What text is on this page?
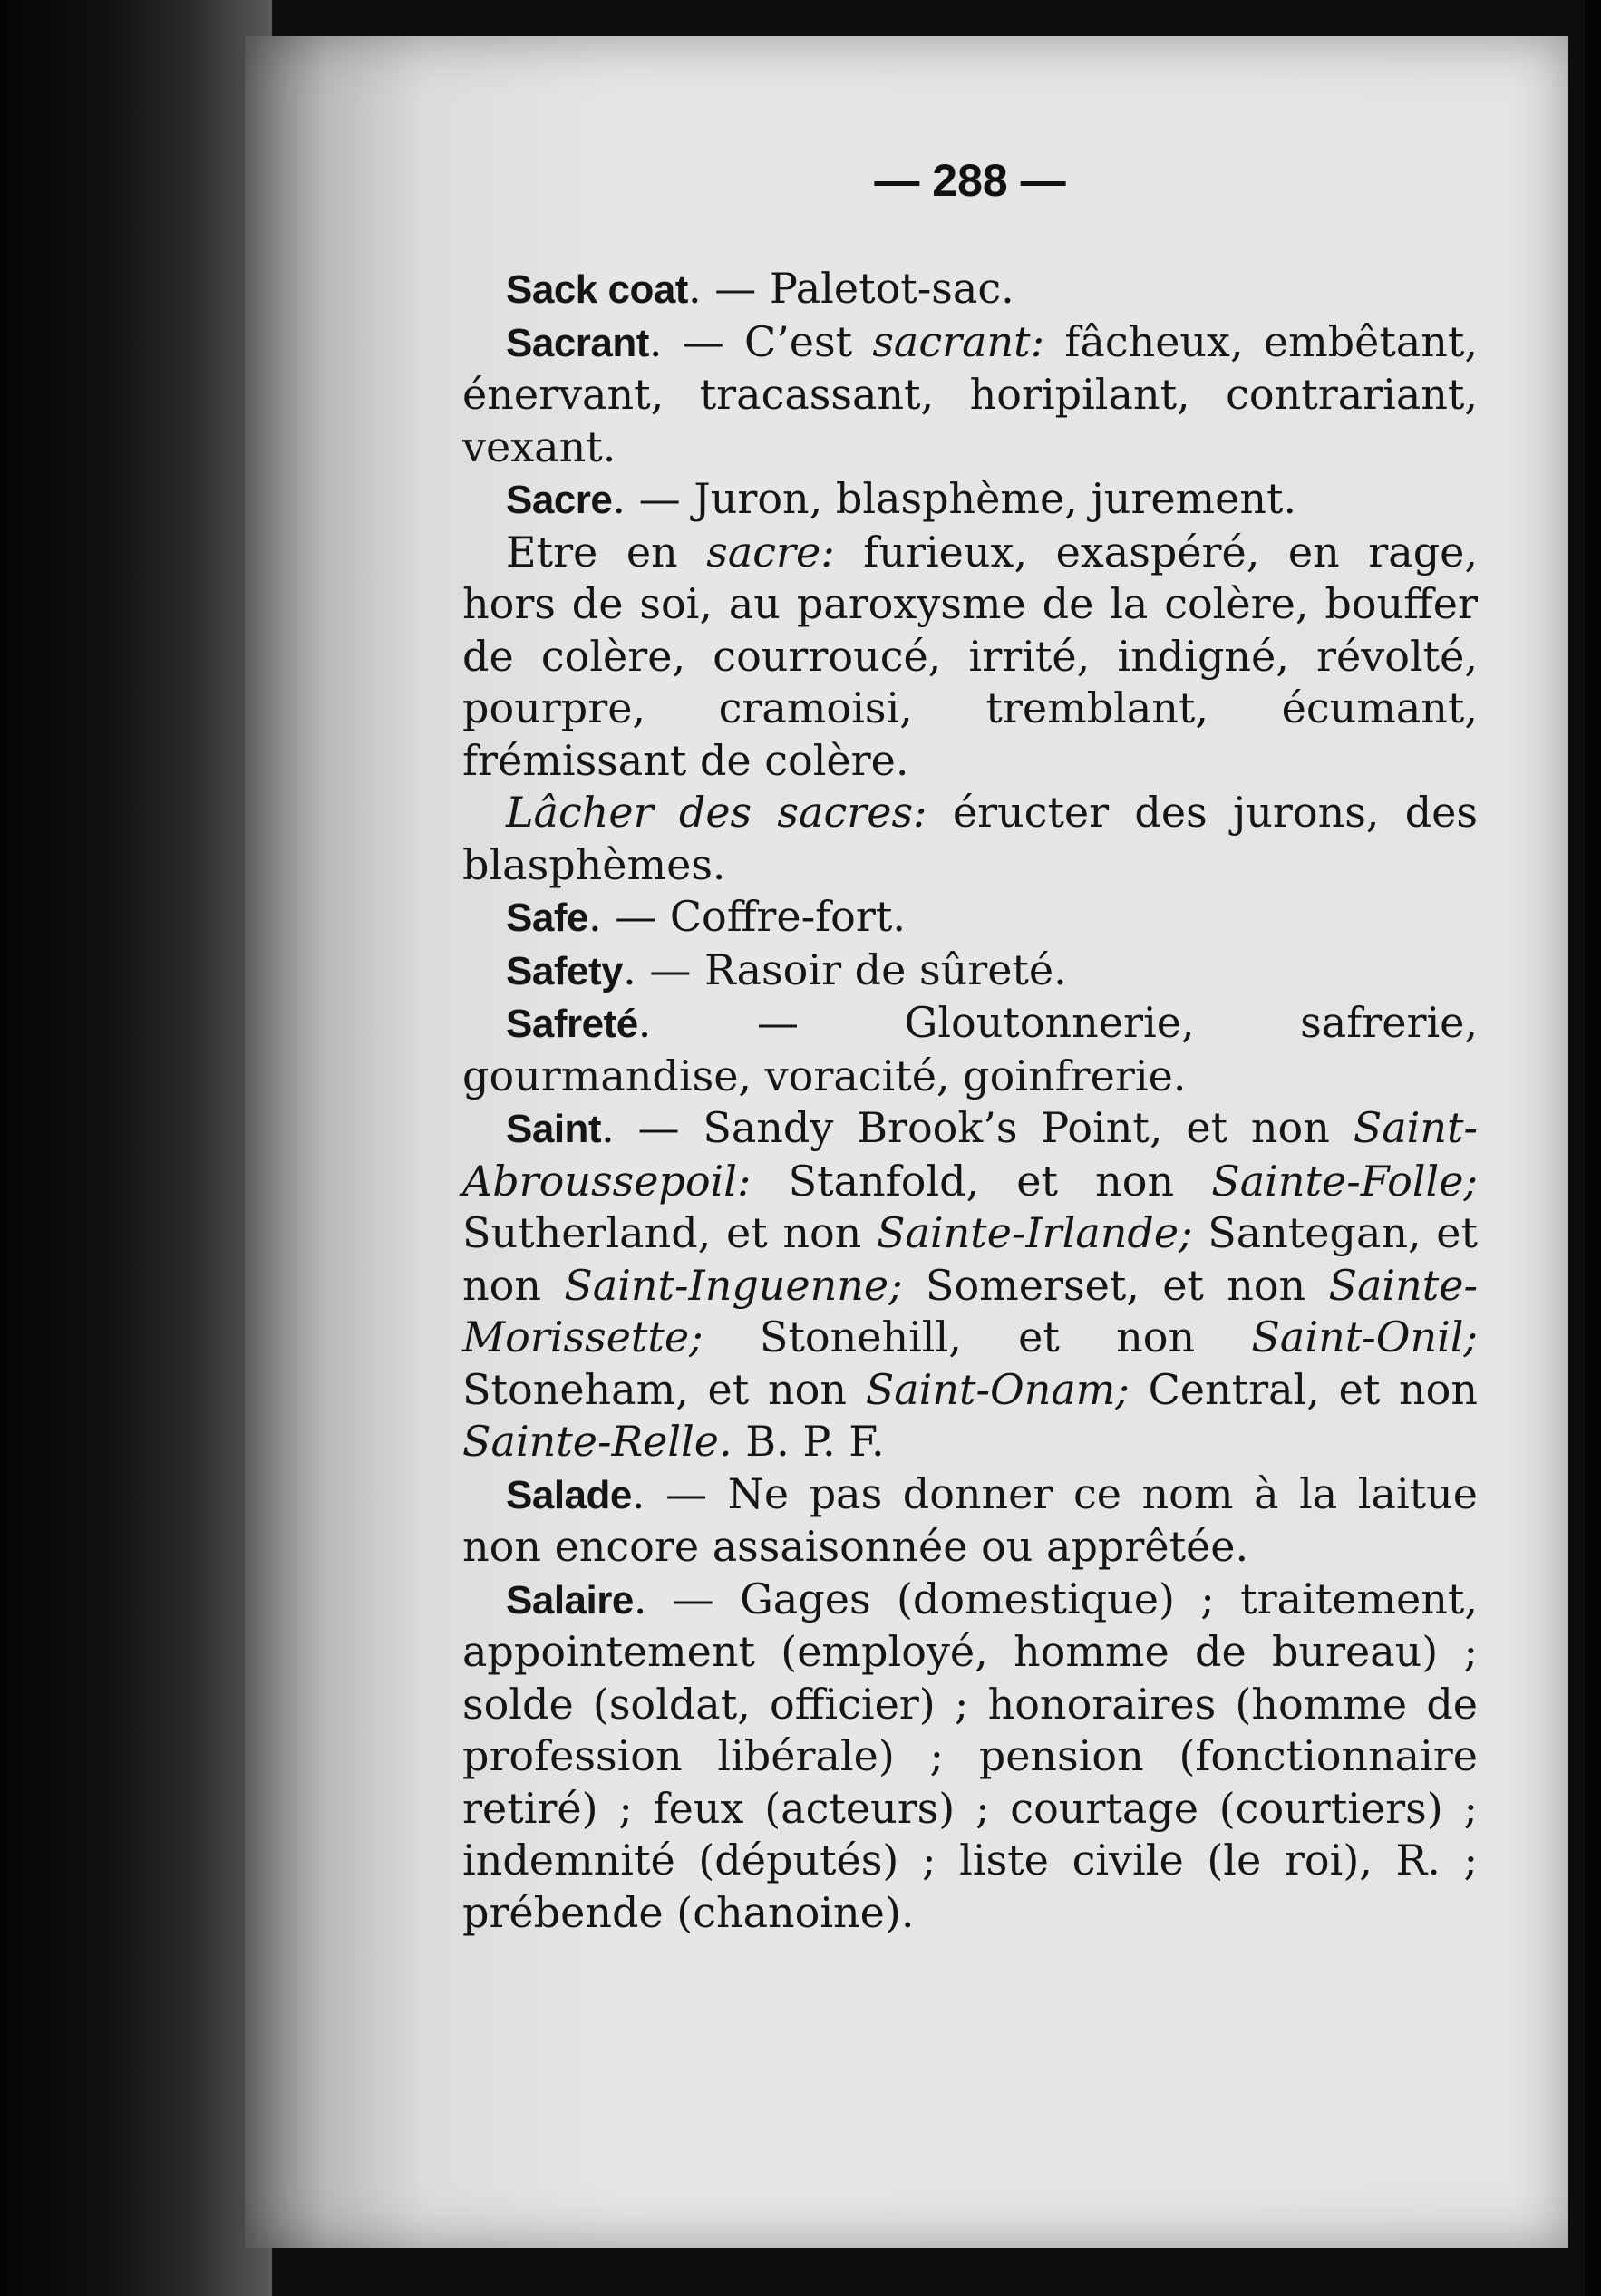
— 288 —

Sack coat. — Paletot-sac.

Sacrant. — C’est sacrant: fâcheux, embêtant, énervant, tracassant, horipilant, contrariant, vexant.

Sacre. — Juron, blasphème, jurement.

Etre en sacre: furieux, exaspéré, en rage, hors de soi, au paroxysme de la colère, bouffer de colère, courroucé, irrité, indigné, révolté, pourpre, cramoisi, tremblant, écumant, frémissant de colère.

Lâcher des sacres: éructer des jurons, des blasphèmes.

Safe. — Coffre-fort.

Safety. — Rasoir de sûreté.

Safreté. — Gloutonnerie, safrerie, gourmandise, voracité, goinfrerie.

Saint. — Sandy Brook’s Point, et non Saint-Abroussepoil: Stanfold, et non Sainte-Folle; Sutherland, et non Sainte-Irlande; Santegan, et non Saint-Inguenne; Somerset, et non Sainte-Morissette; Stonehill, et non Saint-Onil; Stoneham, et non Saint-Onam; Central, et non Sainte-Relle. B. P. F.

Salade. — Ne pas donner ce nom à la laitue non encore assaisonnée ou apprêtée.

Salaire. — Gages (domestique) ; traitement, appointement (employé, homme de bureau) ; solde (soldat, officier) ; honoraires (homme de profession libérale) ; pension (fonctionnaire retiré) ; feux (acteurs) ; courtage (courtiers) ; indemnité (députés) ; liste civile (le roi), R. ; prébende (chanoine).
